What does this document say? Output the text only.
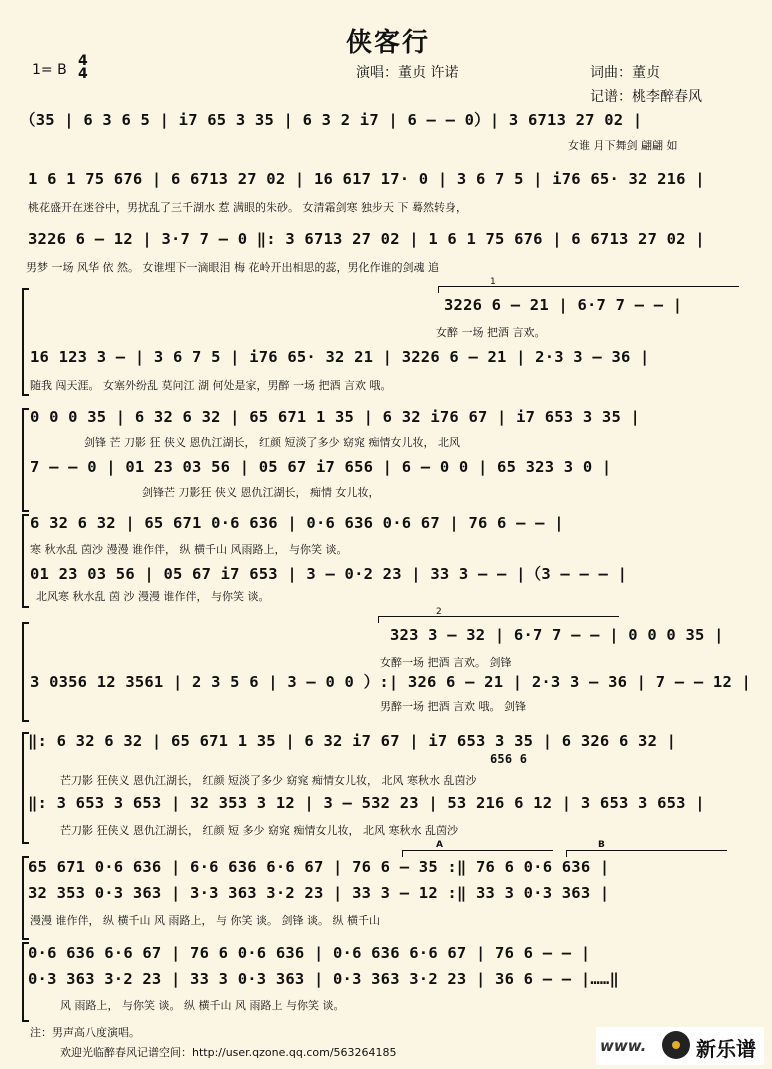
侠客行
1= B
4
4	演唱：董贞 许诺	词曲：董贞
记谱：桃李醉春风
（35 | 6 3 6 5 | i7 65 3 35 | 6 3 2 i7 | 6 – – 0）| 3 6713 27 02 |
女谁 月下舞剑 翩翩 如
1 6 1 75 676 | 6 6713 27 02 | 16 617 17· 0 | 3 6 7 5 | i76 65· 32 216 |
桃花盛开在迷谷中，男扰乱了三千湖水 惹 满眼的朱砂。 女清霜剑寒 独步天 下 蓦然转身，
3226 6 – 12 | 3·7 7 – 0 ‖: 3 6713 27 02 | 1 6 1 75 676 | 6 6713 27 02 |
男梦 一场 风华 依 然。 女谁埋下一滴眼泪 梅 花岭开出相思的蕊，男化作谁的剑魂 追
1
3226 6 – 21 | 6·7 7 – – |
女醉 一场 把酒 言欢。
16 123 3 – | 3 6 7 5 | i76 65· 32 21 | 3226 6 – 21 | 2·3 3 – 36 |
随我 闯天涯。 女塞外纷乱 莫问江 湖 何处是家，男醉 一场 把酒 言欢 哦。
0 0 0 35 | 6 32 6 32 | 65 671 1 35 | 6 32 i76 67 | i7 653 3 35 |
剑锋 芒 刀影 狂 侠义 恩仇江湖长， 红颜 短淡了多少 窈窕 痴情女儿妆， 北风
7 – – 0 | 01 23 03 56 | 05 67 i7 656 | 6 – 0 0 | 65 323 3 0 |
剑锋芒 刀影狂 侠义 恩仇江湖长， 痴情 女儿妆，
6 32 6 32 | 65 671 0·6 636 | 0·6 636 0·6 67 | 76 6 – – |
寒 秋水乱 茵沙 漫漫 谁作伴， 纵 横千山 风雨路上， 与你笑 谈。
01 23 03 56 | 05 67 i7 653 | 3 – 0·2 23 | 33 3 – – |（3 – – – |
北风寒 秋水乱 茵 沙 漫漫 谁作伴， 与你笑 谈。
2
323 3 – 32 | 6·7 7 – – | 0 0 0 35 |
女醉一场 把酒 言欢。 剑锋
3 0356 12 3561 | 2 3 5 6 | 3 – 0 0 ）:| 326 6 – 21 | 2·3 3 – 36 | 7 – – 12 |
男醉一场 把酒 言欢 哦。 剑锋
‖: 6 32 6 32 | 65 671 1 35 | 6 32 i7 67 | i7 653 3 35 | 6 326 6 32 |
656 6
芒刀影 狂侠义 恩仇江湖长， 红颜 短淡了多少 窈窕 痴情女儿妆， 北风 寒秋水 乱茵沙
‖: 3 653 3 653 | 32 353 3 12 | 3 – 532 23 | 53 216 6 12 | 3 653 3 653 |
芒刀影 狂侠义 恩仇江湖长， 红颜 短 多少 窈窕 痴情女儿妆， 北风 寒秋水 乱茵沙
A	B
65 671 0·6 636 | 6·6 636 6·6 67 | 76 6 – 35 :‖ 76 6 0·6 636 |
32 353 0·3 363 | 3·3 363 3·2 23 | 33 3 – 12 :‖ 33 3 0·3 363 |
漫漫 谁作伴， 纵 横千山 风 雨路上， 与 你笑 谈。 剑锋 谈。 纵 横千山
0·6 636 6·6 67 | 76 6 0·6 636 | 0·6 636 6·6 67 | 76 6 – – |
0·3 363 3·2 23 | 33 3 0·3 363 | 0·3 363 3·2 23 | 36 6 – – |……‖
风 雨路上， 与你笑 谈。 纵 横千山 风 雨路上 与你笑 谈。
注：男声高八度演唱。
欢迎光临醉春风记谱空间：http://user.qzone.qq.com/563264185	www. 新乐谱
